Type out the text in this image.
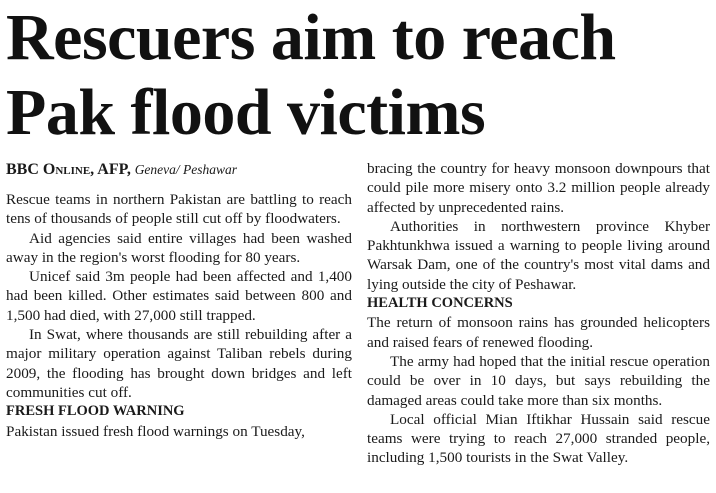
Rescuers aim to reach
Pak flood victims
BBC Online, AFP, Geneva/ Peshawar

Rescue teams in northern Pakistan are battling to reach tens of thousands of people still cut off by floodwaters.

Aid agencies said entire villages had been washed away in the region's worst flooding for 80 years.

Unicef said 3m people had been affected and 1,400 had been killed. Other estimates said between 800 and 1,500 had died, with 27,000 still trapped.

In Swat, where thousands are still rebuilding after a major military operation against Taliban rebels during 2009, the flooding has brought down bridges and left communities cut off.

FRESH FLOOD WARNING

Pakistan issued fresh flood warnings on Tuesday,

bracing the country for heavy monsoon downpours that could pile more misery onto 3.2 million people already affected by unprecedented rains.

Authorities in northwestern province Khyber Pakhtunkhwa issued a warning to people living around Warsak Dam, one of the country's most vital dams and lying outside the city of Peshawar.

HEALTH CONCERNS

The return of monsoon rains has grounded helicopters and raised fears of renewed flooding.

The army had hoped that the initial rescue operation could be over in 10 days, but says rebuilding the damaged areas could take more than six months.

Local official Mian Iftikhar Hussain said rescue teams were trying to reach 27,000 stranded people, including 1,500 tourists in the Swat Valley.
